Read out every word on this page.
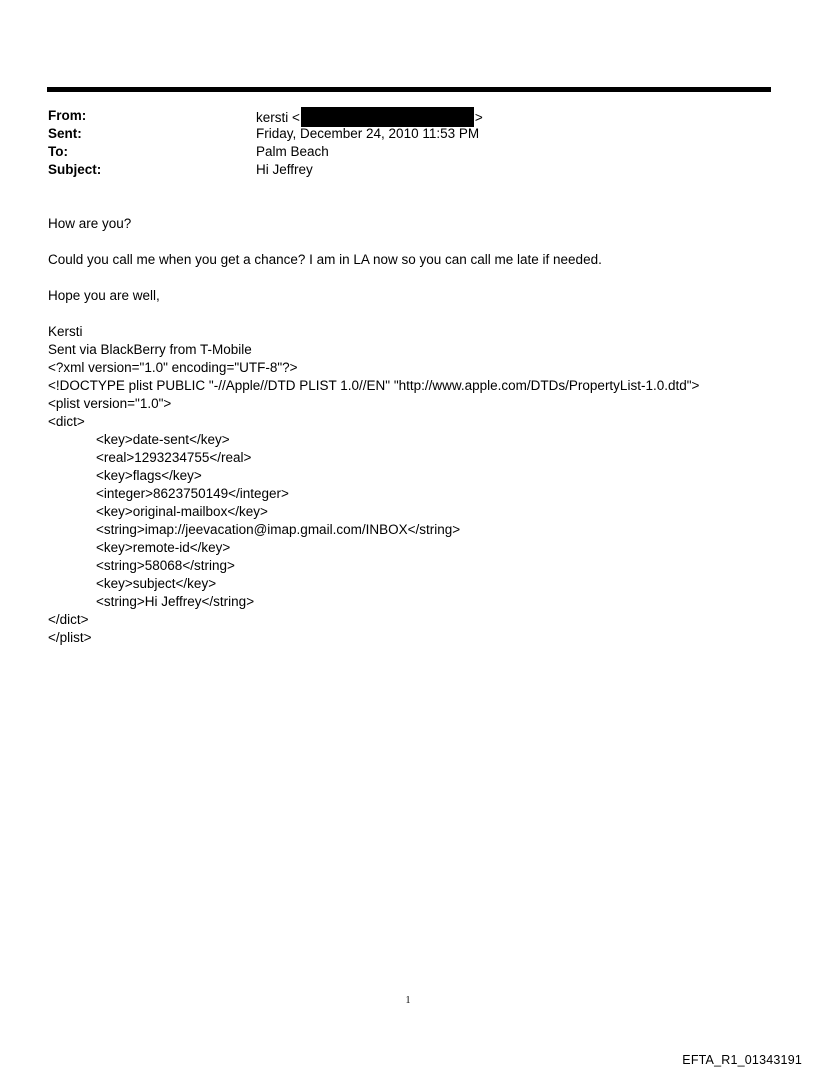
From:	kersti <	>
Sent:	Friday, December 24, 2010 11:53 PM
To:	Palm Beach
Subject:	Hi Jeffrey
How are you?
Could you call me when you get a chance? I am in LA now so you can call me late if needed.
Hope you are well,
Kersti
Sent via BlackBerry from T-Mobile
<?xml version="1.0" encoding="UTF-8"?>
<!DOCTYPE plist PUBLIC "-//Apple//DTD PLIST 1.0//EN" "http://www.apple.com/DTDs/PropertyList-1.0.dtd">
<plist version="1.0">
<dict>
<key>date-sent</key>
<real>1293234755</real>
<key>flags</key>
<integer>8623750149</integer>
<key>original-mailbox</key>
<string>imap://jeevacation@imap.gmail.com/INBOX</string>
<key>remote-id</key>
<string>58068</string>
<key>subject</key>
<string>Hi Jeffrey</string>
</dict>
</plist>
1
EFTA_R1_01343191
